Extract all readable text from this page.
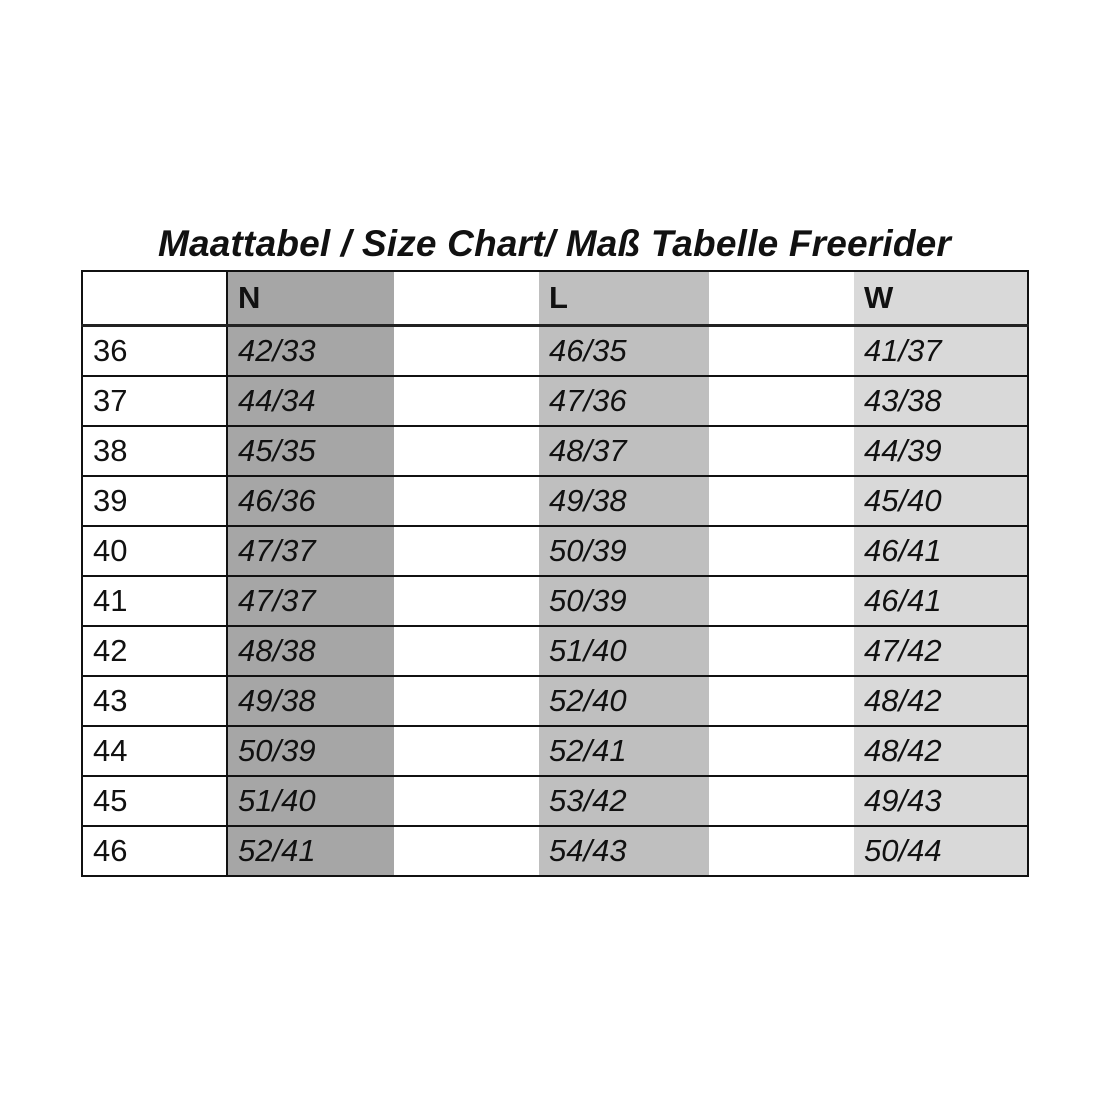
Maattabel / Size Chart/ Maß Tabelle Freerider
	N		L		W
36	42/33		46/35		41/37
37	44/34		47/36		43/38
38	45/35		48/37		44/39
39	46/36		49/38		45/40
40	47/37		50/39		46/41
41	47/37		50/39		46/41
42	48/38		51/40		47/42
43	49/38		52/40		48/42
44	50/39		52/41		48/42
45	51/40		53/42		49/43
46	52/41		54/43		50/44
